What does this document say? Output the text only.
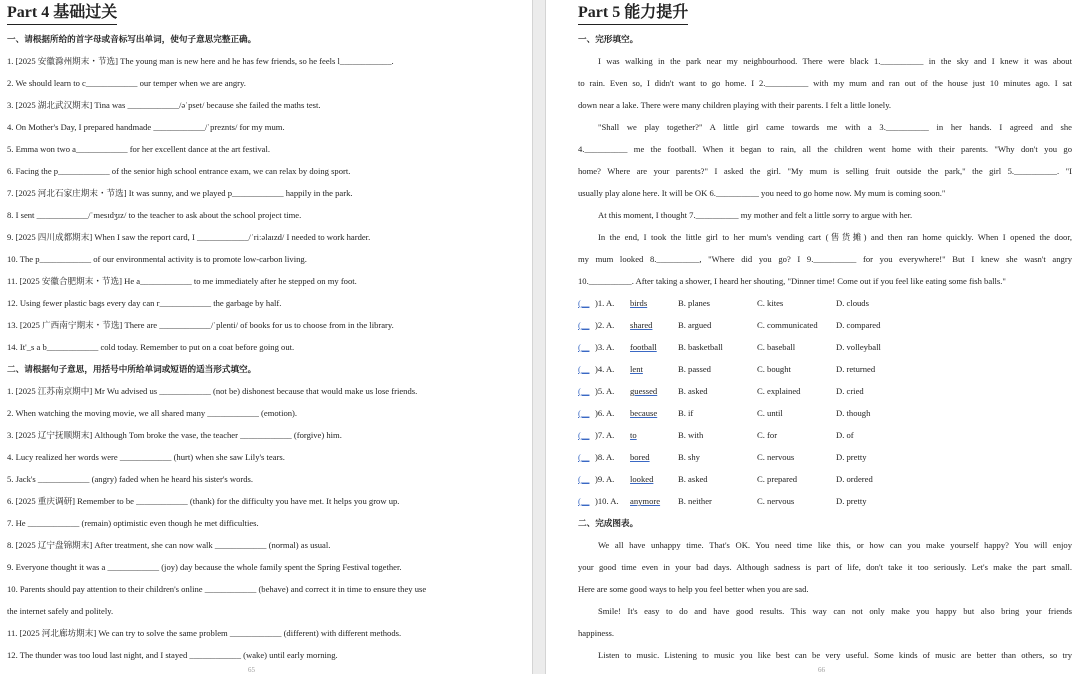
Part 4 基础过关
一、请根据所给的首字母或音标写出单词，使句子意思完整正确。
1. [2025 安徽滁州期末・节选] The young man is new here and he has few friends, so he feels l____________.
2. We should learn to c____________ our temper when we are angry.
3. [2025 湖北武汉期末] Tina was ____________/əˈpset/ because she failed the maths test.
4. On Mother's Day, I prepared handmade ____________/ˈpreznts/ for my mum.
5. Emma won two a____________ for her excellent dance at the art festival.
6. Facing the p____________ of the senior high school entrance exam, we can relax by doing sport.
7. [2025 河北石家庄期末・节选] It was sunny, and we played p____________ happily in the park.
8. I sent ____________/ˈmesɪdʒɪz/ to the teacher to ask about the school project time.
9. [2025 四川成都期末] When I saw the report card, I ____________/ˈriːəlaɪzd/ I needed to work harder.
10. The p____________ of our environmental activity is to promote low-carbon living.
11. [2025 安徽合肥期末・节选] He a____________ to me immediately after he stepped on my foot.
12. Using fewer plastic bags every day can r____________ the garbage by half.
13. [2025 广西南宁期末・节选] There are ____________/ˈplenti/ of books for us to choose from in the library.
14. It'_s a b____________ cold today. Remember to put on a coat before going out.
二、请根据句子意思，用括号中所给单词或短语的适当形式填空。
1. [2025 江苏南京期中] Mr Wu advised us ____________ (not be) dishonest because that would make us lose friends.
2. When watching the moving movie, we all shared many ____________ (emotion).
3. [2025 辽宁抚顺期末] Although Tom broke the vase, the teacher ____________ (forgive) him.
4. Lucy realized her words were ____________ (hurt) when she saw Lily's tears.
5. Jack's ____________ (angry) faded when he heard his sister's words.
6. [2025 重庆调研] Remember to be ____________ (thank) for the difficulty you have met. It helps you grow up.
7. He ____________ (remain) optimistic even though he met difficulties.
8. [2025 辽宁盘锦期末] After treatment, she can now walk ____________ (normal) as usual.
9. Everyone thought it was a ____________ (joy) day because the whole family spent the Spring Festival together.
10. Parents should pay attention to their children's online ____________ (behave) and correct it in time to ensure they use
the internet safely and politely.
11. [2025 河北廊坊期末] We can try to solve the same problem ____________ (different) with different methods.
12. The thunder was too loud last night, and I stayed ____________ (wake) until early morning.
65
Part 5 能力提升
一、完形填空。
I was walking in the park near my neighbourhood. There were black 1.__________ in the sky and I knew it was about
to rain. Even so, I didn't want to go home. I 2.__________ with my mum and ran out of the house just 10 minutes ago. I sat
down near a lake. There were many children playing with their parents. I felt a little lonely.
"Shall we play together?" A little girl came towards me with a 3.__________ in her hands. I agreed and she
4.__________ me the football. When it began to rain, all the children went home with their parents. "Why don't you go
home? Where are your parents?" I asked the girl. "My mum is selling fruit outside the park," the girl 5.__________. "I
usually play alone here. It will be OK 6.__________ you need to go home now. My mum is coming soon."
At this moment, I thought 7.__________ my mother and felt a little sorry to argue with her.
In the end, I took the little girl to her mum's vending cart (售货摊) and then ran home quickly. When I opened the door,
my mum looked 8.__________, "Where did you go? I 9.__________ for you everywhere!" But I knew she wasn't angry
10.__________. After taking a shower, I heard her shouting, "Dinner time! Come out if you feel like eating some fish balls."
(__ )1. A.	birds	B. planes	C. kites	D. clouds
(__ )2. A.	shared	B. argued	C. communicated	D. compared
(__ )3. A.	football	B. basketball	C. baseball	D. volleyball
(__ )4. A.	lent	B. passed	C. bought	D. returned
(__ )5. A.	guessed	B. asked	C. explained	D. cried
(__ )6. A.	because	B. if	C. until	D. though
(__ )7. A.	to	B. with	C. for	D. of
(__ )8. A.	bored	B. shy	C. nervous	D. pretty
(__ )9. A.	looked	B. asked	C. prepared	D. ordered
(__ )10. A.	anymore	B. neither	C. nervous	D. pretty
二、完成图表。
We all have unhappy time. That's OK. You need time like this, or how can you make yourself happy? You will enjoy
your good time even in your bad days. Although sadness is part of life, don't take it too seriously. Let's make the part small.
Here are some good ways to help you feel better when you are sad.
Smile! It's easy to do and have good results. This way can not only make you happy but also bring your friends
happiness.
Listen to music. Listening to music you like best can be very useful. Some kinds of music are better than others, so try
66
